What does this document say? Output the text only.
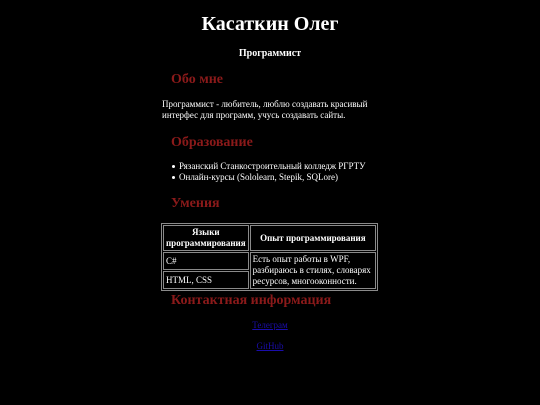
Касаткин Олег

Программист

Обо мне

Программист - любитель, люблю создавать красивый интерфес для программ, учусь создавать сайты.

Образование
Рязанский Станкостроительный колледж РГРТУ
Онлайн-курсы (Sololearn, Stepik, SQLore)
Умения
Языки программирования	Опыт программирования
C#	Есть опыт работы в WPF, разбираюсь в стилях, словарях ресурсов, многооконности.
HTML, CSS	
Контактная информация
Телеграм
GitHub
